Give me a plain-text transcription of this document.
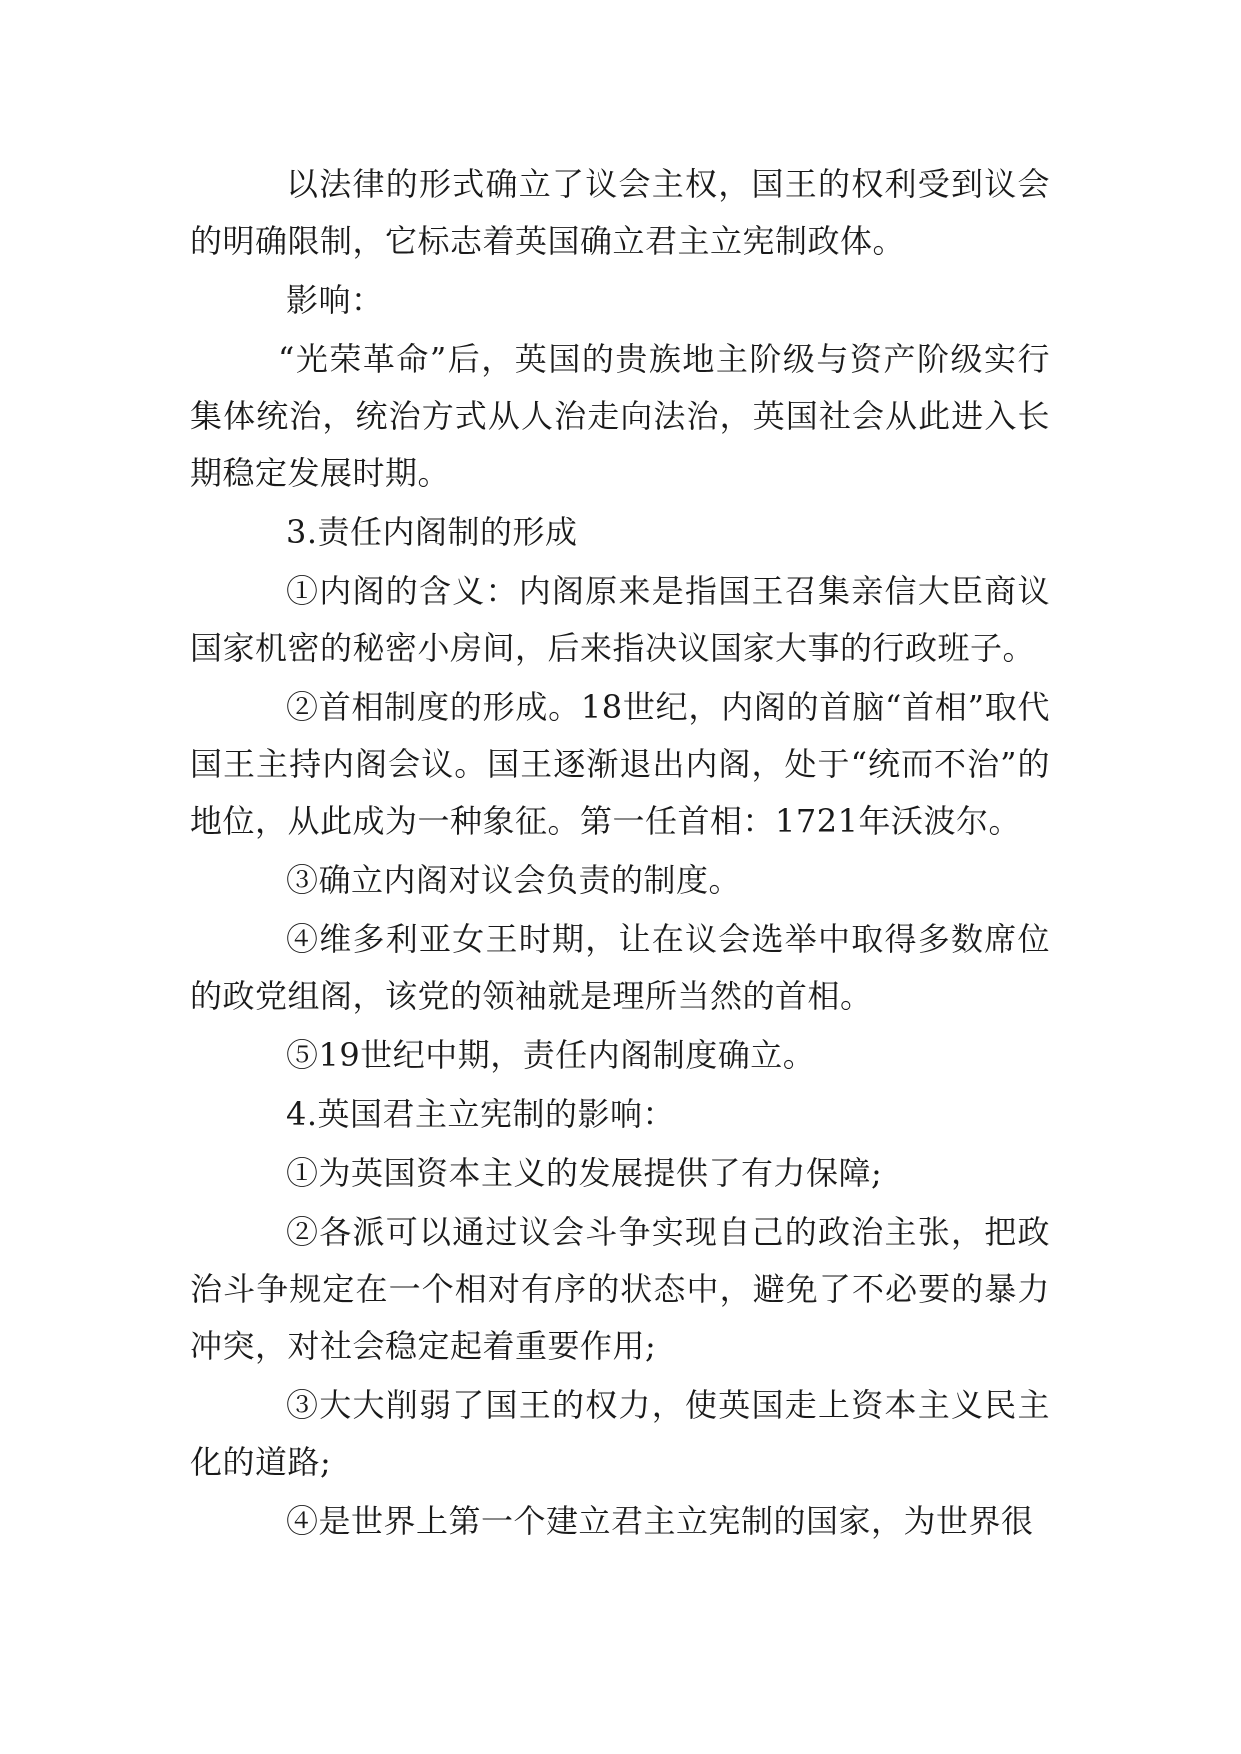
以法律的形式确立了议会主权，国王的权利受到议会的明确限制，它标志着英国确立君主立宪制政体。

影响：

“光荣革命”后，英国的贵族地主阶级与资产阶级实行集体统治，统治方式从人治走向法治，英国社会从此进入长期稳定发展时期。

3.责任内阁制的形成

①内阁的含义：内阁原来是指国王召集亲信大臣商议国家机密的秘密小房间，后来指决议国家大事的行政班子。

②首相制度的形成。18世纪，内阁的首脑“首相”取代国王主持内阁会议。国王逐渐退出内阁，处于“统而不治”的地位，从此成为一种象征。第一任首相：1721年沃波尔。

③确立内阁对议会负责的制度。

④维多利亚女王时期，让在议会选举中取得多数席位的政党组阁，该党的领袖就是理所当然的首相。

⑤19世纪中期，责任内阁制度确立。

4.英国君主立宪制的影响：

①为英国资本主义的发展提供了有力保障;

②各派可以通过议会斗争实现自己的政治主张，把政治斗争规定在一个相对有序的状态中，避免了不必要的暴力冲突，对社会稳定起着重要作用;

③大大削弱了国王的权力，使英国走上资本主义民主化的道路;

④是世界上第一个建立君主立宪制的国家，为世界很
